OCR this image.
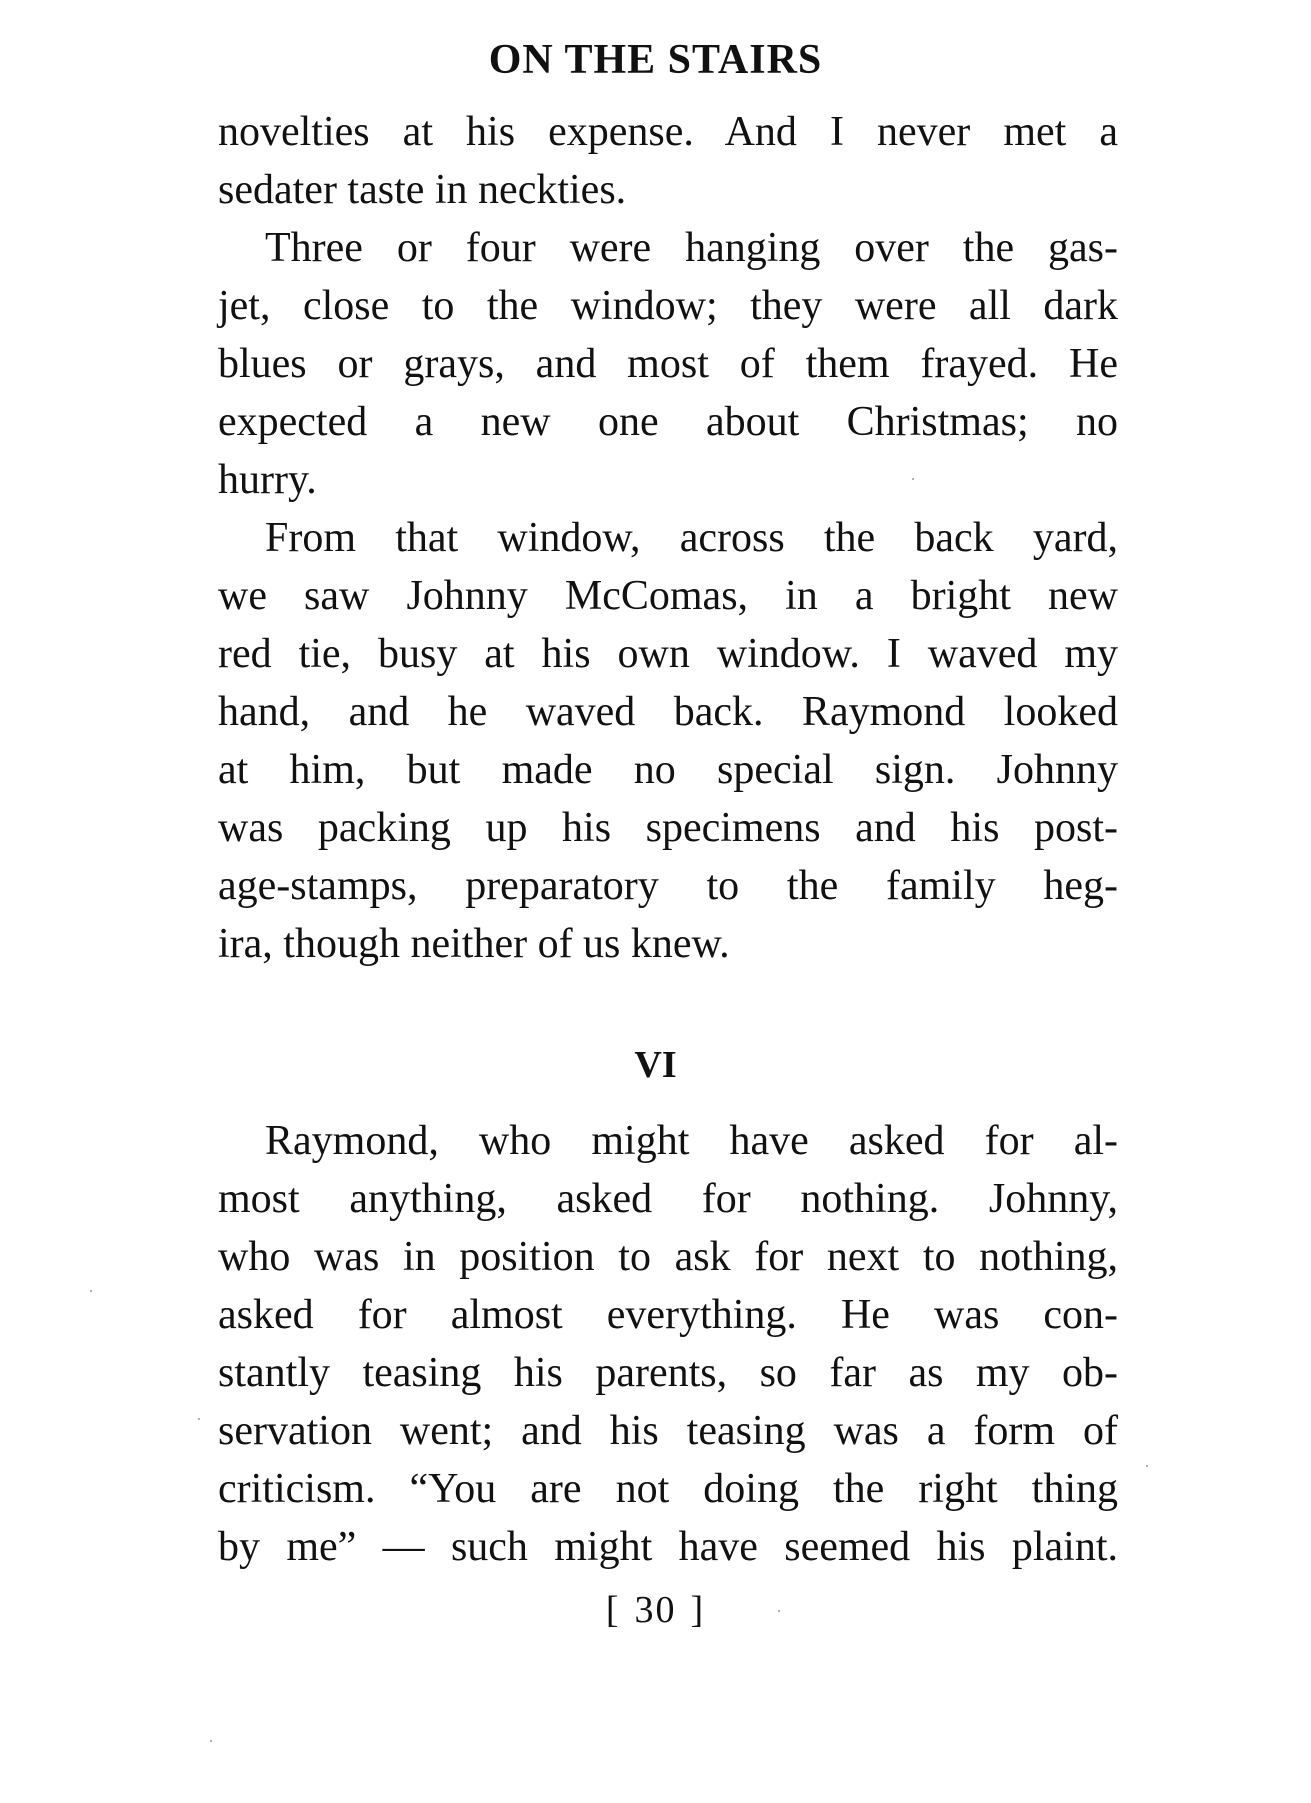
ON THE STAIRS
novelties at his expense. And I never met a
sedater taste in neckties.
Three or four were hanging over the gas-
jet, close to the window; they were all dark
blues or grays, and most of them frayed. He
expected a new one about Christmas; no
hurry.
From that window, across the back yard,
we saw Johnny McComas, in a bright new
red tie, busy at his own window. I waved my
hand, and he waved back. Raymond looked
at him, but made no special sign. Johnny
was packing up his specimens and his post-
age-stamps, preparatory to the family heg-
ira, though neither of us knew.
VI
Raymond, who might have asked for al-
most anything, asked for nothing. Johnny,
who was in position to ask for next to nothing,
asked for almost everything. He was con-
stantly teasing his parents, so far as my ob-
servation went; and his teasing was a form of
criticism. “You are not doing the right thing
by me” — such might have seemed his plaint.
[ 30 ]
